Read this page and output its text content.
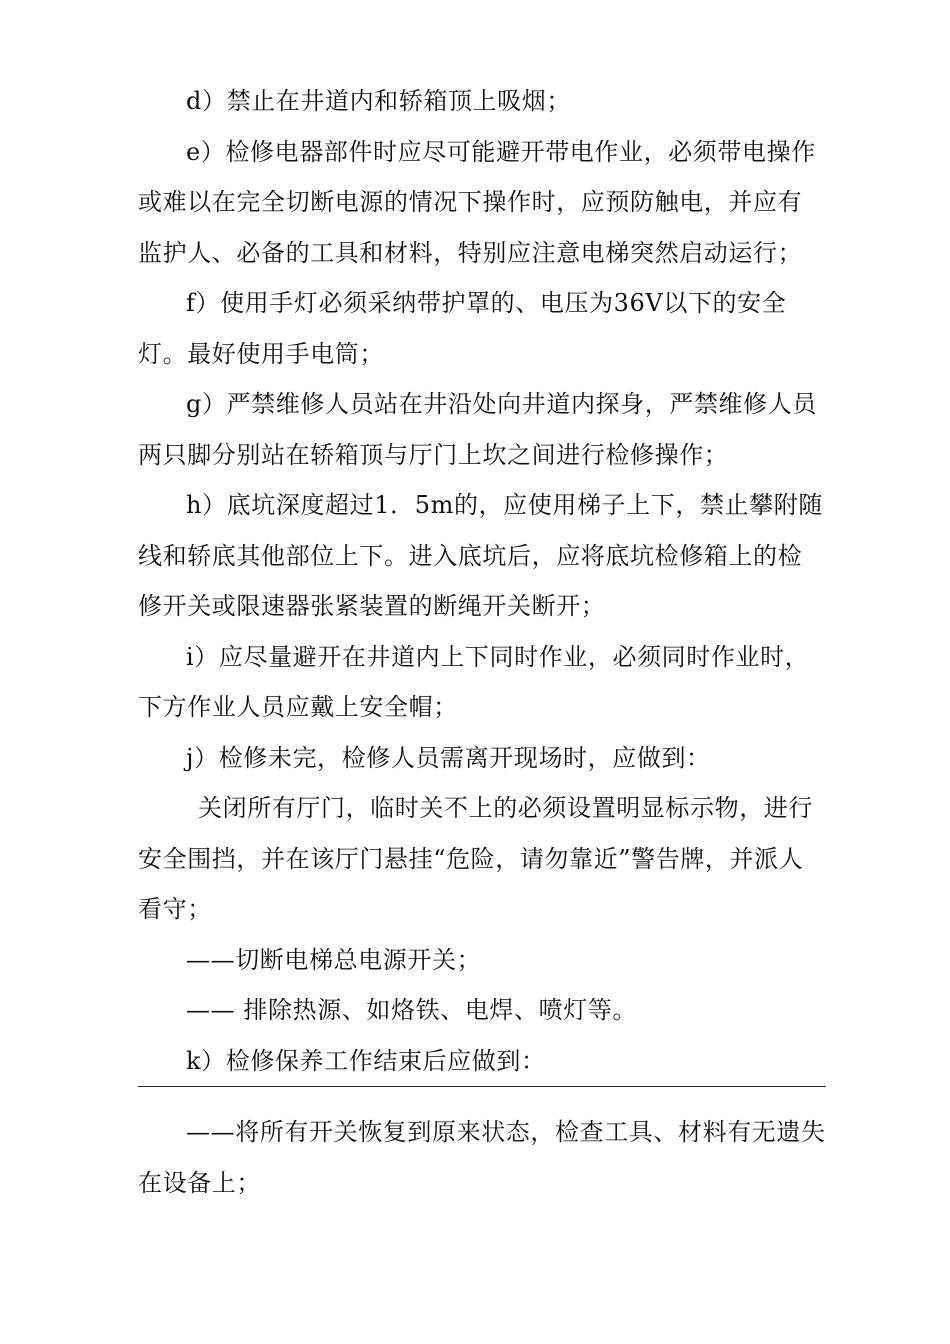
d）禁止在井道内和轿箱顶上吸烟；

e）检修电器部件时应尽可能避开带电作业，必须带电操作或难以在完全切断电源的情况下操作时，应预防触电，并应有监护人、必备的工具和材料，特别应注意电梯突然启动运行；

f）使用手灯必须采纳带护罩的、电压为36V以下的安全灯。最好使用手电筒；

g）严禁维修人员站在井沿处向井道内探身，严禁维修人员两只脚分别站在轿箱顶与厅门上坎之间进行检修操作；

h）底坑深度超过1．5m的，应使用梯子上下，禁止攀附随线和轿底其他部位上下。进入底坑后，应将底坑检修箱上的检修开关或限速器张紧装置的断绳开关断开；

i）应尽量避开在井道内上下同时作业，必须同时作业时，下方作业人员应戴上安全帽；

j）检修未完，检修人员需离开现场时，应做到：

关闭所有厅门，临时关不上的必须设置明显标示物，进行安全围挡，并在该厅门悬挂“危险，请勿靠近”警告牌，并派人看守；

——切断电梯总电源开关；

—— 排除热源、如烙铁、电焊、喷灯等。

k）检修保养工作结束后应做到：

——将所有开关恢复到原来状态，检查工具、材料有无遗失在设备上；
